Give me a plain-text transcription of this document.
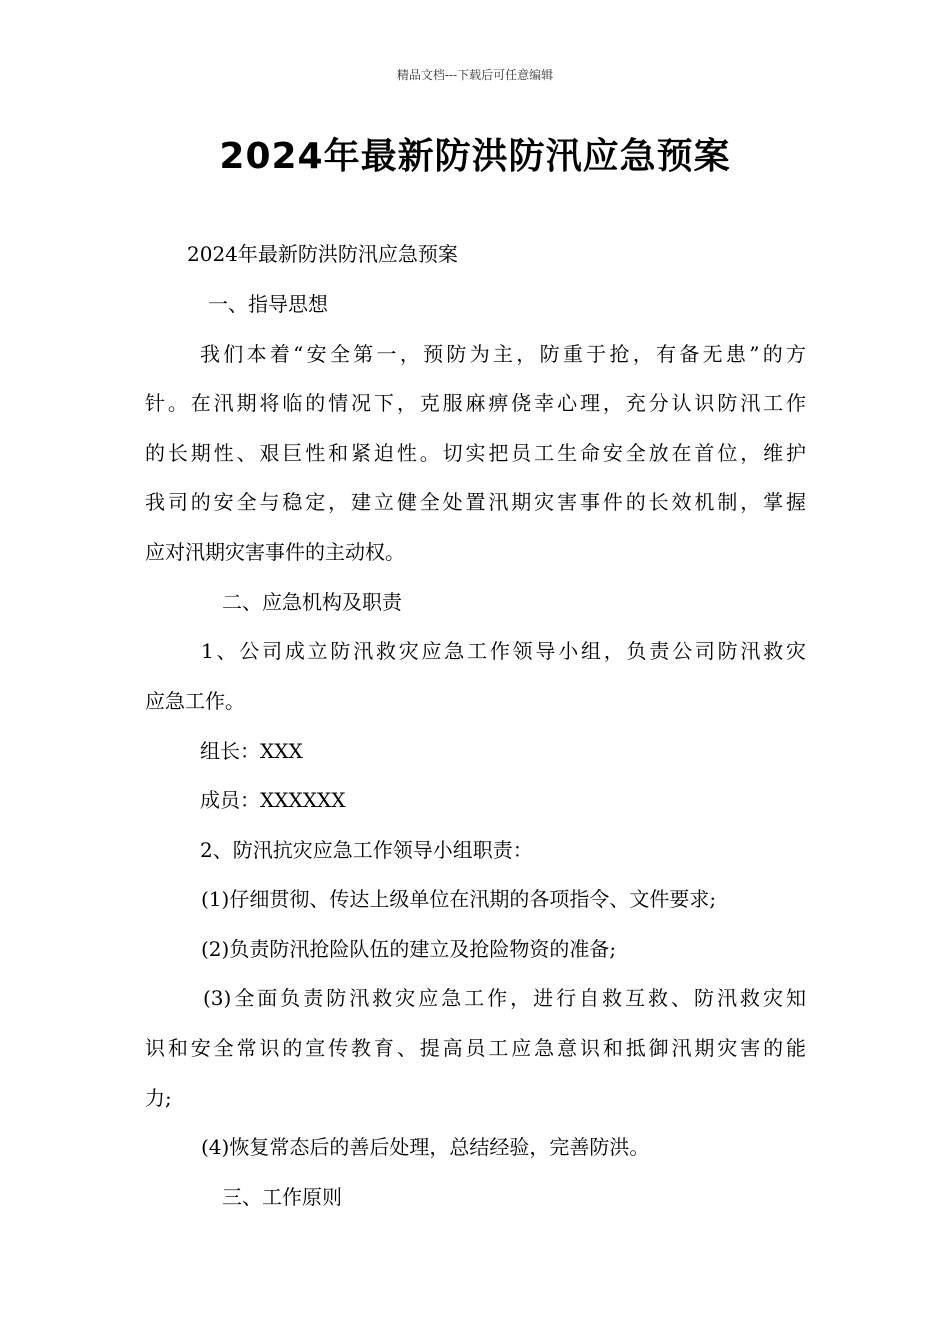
精品文档---下载后可任意编辑
2024年最新防洪防汛应急预案
2024年最新防洪防汛应急预案
一、指导思想
我们本着“安全第一，预防为主，防重于抢，有备无患”的方
针。在汛期将临的情况下，克服麻痹侥幸心理，充分认识防汛工作
的长期性、艰巨性和紧迫性。切实把员工生命安全放在首位，维护
我司的安全与稳定，建立健全处置汛期灾害事件的长效机制，掌握
应对汛期灾害事件的主动权。
二、应急机构及职责
1、公司成立防汛救灾应急工作领导小组，负责公司防汛救灾
应急工作。
组长：XXX
成员：XXXXXX
2、防汛抗灾应急工作领导小组职责：
(1)仔细贯彻、传达上级单位在汛期的各项指令、文件要求;
(2)负责防汛抢险队伍的建立及抢险物资的准备;
(3)全面负责防汛救灾应急工作，进行自救互救、防汛救灾知
识和安全常识的宣传教育、提高员工应急意识和抵御汛期灾害的能
力;
(4)恢复常态后的善后处理，总结经验，完善防洪。
三、工作原则
